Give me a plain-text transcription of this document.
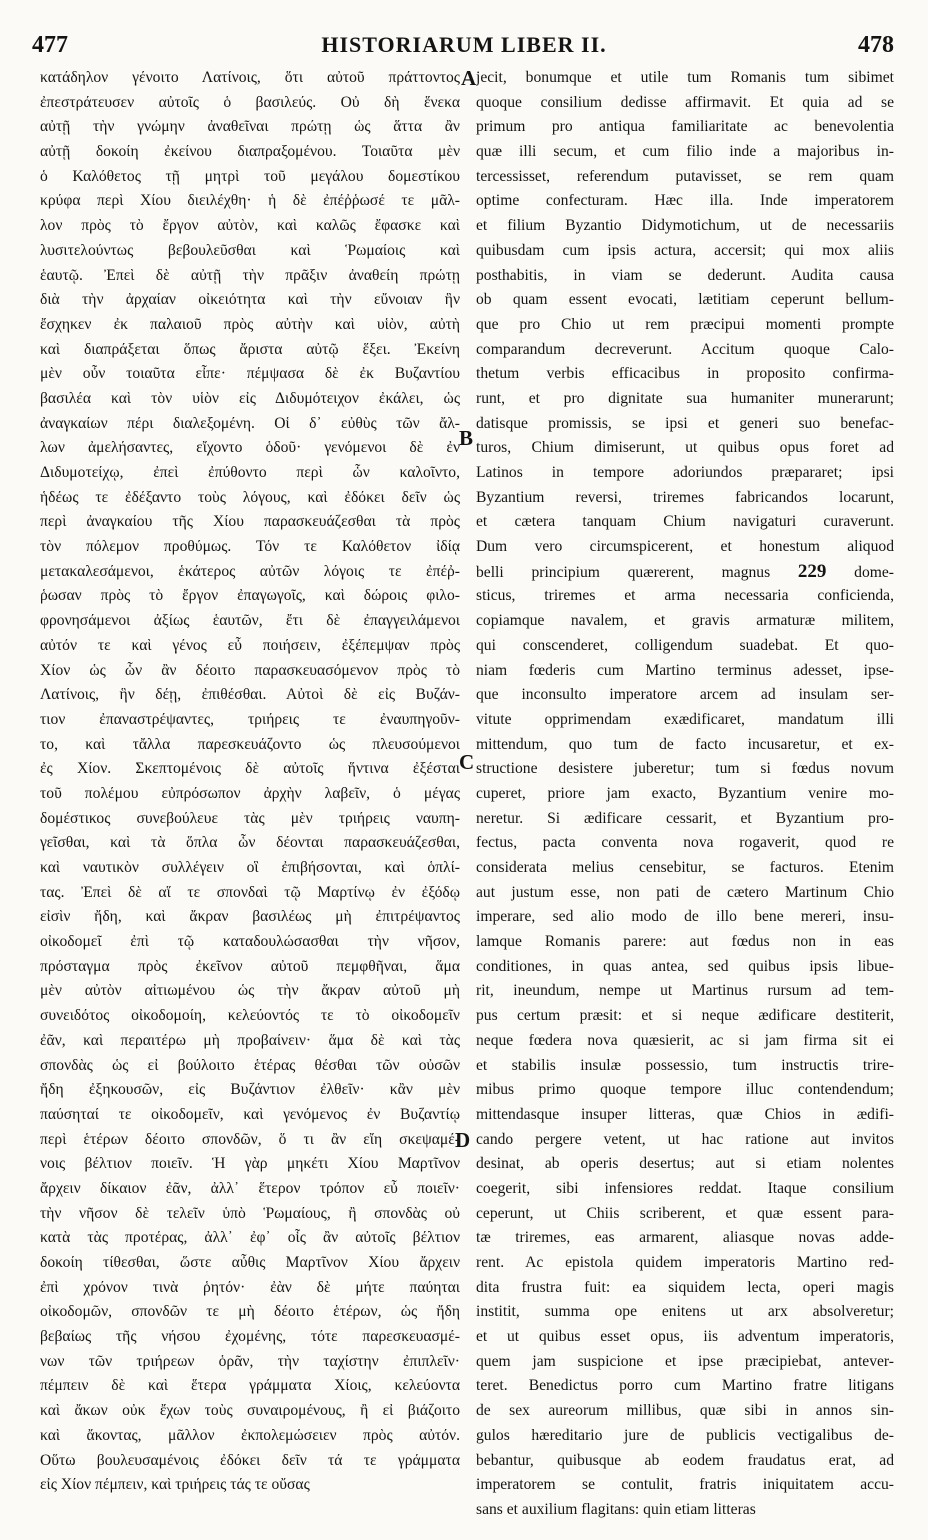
477	HISTORIARUM LIBER II.	478
κατάδηλον γένοιτο Λατίνοις, ὅτι αὐτοῦ πράττοντος
ἐπεστράτευσεν αὐτοῖς ὁ βασιλεύς. Οὐ δὴ ἕνεκα
αὐτῇ τὴν γνώμην ἀναθεῖναι πρώτῃ ὡς ἅττα ἂν
αὐτῇ δοκοίη ἐκείνου διαπραξομένου. Τοιαῦτα μὲν
ὁ Καλόθετος τῇ μητρὶ τοῦ μεγάλου δομεστίκου
κρύφα περὶ Χίου διειλέχθη· ἡ δὲ ἐπέῤῥωσέ τε μᾶλ-
λον πρὸς τὸ ἔργον αὐτὸν, καὶ καλῶς ἔφασκε καὶ
λυσιτελούντως βεβουλεῦσθαι καὶ Ῥωμαίοις καὶ
ἑαυτῷ. Ἐπεὶ δὲ αὐτῇ τὴν πρᾶξιν ἀναθείη πρώτῃ
διὰ τὴν ἀρχαίαν οἰκειότητα καὶ τὴν εὔνοιαν ἣν
ἔσχηκεν ἐκ παλαιοῦ πρὸς αὐτὴν καὶ υἱὸν, αὐτὴ
καὶ διαπράξεται ὅπως ἄριστα αὐτῷ ἕξει. Ἐκείνη
μὲν οὖν τοιαῦτα εἶπε· πέμψασα δὲ ἐκ Βυζαντίου
βασιλέα καὶ τὸν υἱὸν εἰς Διδυμότειχον ἐκάλει, ὡς
ἀναγκαίων πέρι διαλεξομένη. Οἱ δ᾽ εὐθὺς τῶν ἄλ-
λων ἀμελήσαντες, εἴχοντο ὁδοῦ· γενόμενοι δὲ ἐν
Διδυμοτείχῳ, ἐπεὶ ἐπύθοντο περὶ ὧν καλοῖντο,
ἡδέως τε ἐδέξαντο τοὺς λόγους, καὶ ἐδόκει δεῖν ὡς
περὶ ἀναγκαίου τῆς Χίου παρασκευάζεσθαι τὰ πρὸς
τὸν πόλεμον προθύμως. Τόν τε Καλόθετον ἰδίᾳ
μετακαλεσάμενοι, ἑκάτερος αὐτῶν λόγοις τε ἐπέῤ-
ῥωσαν πρὸς τὸ ἔργον ἐπαγωγοῖς, καὶ δώροις φιλο-
φρονησάμενοι ἀξίως ἑαυτῶν, ἔτι δὲ ἐπαγγειλάμενοι
αὐτόν τε καὶ γένος εὖ ποιήσειν, ἐξέπεμψαν πρὸς
Χίον ὡς ὧν ἂν δέοιτο παρασκευασόμενον πρὸς τὸ
Λατίνοις, ἣν δέῃ, ἐπιθέσθαι. Αὐτοὶ δὲ εἰς Βυζάν-
τιον ἐπαναστρέψαντες, τριήρεις τε ἐναυπηγοῦν-
το, καὶ τἄλλα παρεσκευάζοντο ὡς πλευσούμενοι
ἐς Χίον. Σκεπτομένοις δὲ αὐτοῖς ἥντινα ἐξέσται
τοῦ πολέμου εὐπρόσωπον ἀρχὴν λαβεῖν, ὁ μέγας
δομέστικος συνεβούλευε τὰς μὲν τριήρεις ναυπη-
γεῖσθαι, καὶ τὰ ὅπλα ὧν δέονται παρασκευάζεσθαι,
καὶ ναυτικὸν συλλέγειν οἳ ἐπιβήσονται, καὶ ὁπλί-
τας. Ἐπεὶ δὲ αἵ τε σπονδαὶ τῷ Μαρτίνῳ ἐν ἐξόδῳ
εἰσὶν ἤδη, καὶ ἄκραν βασιλέως μὴ ἐπιτρέψαντος
οἰκοδομεῖ ἐπὶ τῷ καταδουλώσασθαι τὴν νῆσον,
πρόσταγμα πρὸς ἐκεῖνον αὐτοῦ πεμφθῆναι, ἅμα
μὲν αὐτὸν αἰτιωμένου ὡς τὴν ἄκραν αὐτοῦ μὴ
συνειδότος οἰκοδομοίη, κελεύοντός τε τὸ οἰκοδομεῖν
ἐᾶν, καὶ περαιτέρω μὴ προβαίνειν· ἅμα δὲ καὶ τὰς
σπονδὰς ὡς εἰ βούλοιτο ἑτέρας θέσθαι τῶν οὐσῶν
ἤδη ἐξηκουσῶν, εἰς Βυζάντιον ἐλθεῖν· κἂν μὲν
παύσηταί τε οἰκοδομεῖν, καὶ γενόμενος ἐν Βυζαντίῳ
περὶ ἑτέρων δέοιτο σπονδῶν, ὅ τι ἂν εἴη σκεψαμέ-
νοις βέλτιον ποιεῖν. Ἡ γὰρ μηκέτι Χίου Μαρτῖνον
ἄρχειν δίκαιον ἐᾶν, ἀλλ᾽ ἕτερον τρόπον εὖ ποιεῖν·
τὴν νῆσον δὲ τελεῖν ὑπὸ Ῥωμαίους, ἢ σπονδὰς οὐ
κατὰ τὰς προτέρας, ἀλλ᾽ ἐφ᾽ οἷς ἂν αὐτοῖς βέλτιον
δοκοίη τίθεσθαι, ὥστε αὖθις Μαρτῖνον Χίου ἄρχειν
ἐπὶ χρόνον τινὰ ῥητόν· ἐὰν δὲ μήτε παύηται
οἰκοδομῶν, σπονδῶν τε μὴ δέοιτο ἑτέρων, ὡς ἤδη
βεβαίως τῆς νήσου ἐχομένης, τότε παρεσκευασμέ-
νων τῶν τριήρεων ὁρᾶν, τὴν ταχίστην ἐπιπλεῖν·
πέμπειν δὲ καὶ ἕτερα γράμματα Χίοις, κελεύοντα
καὶ ἄκων οὐκ ἔχων τοὺς συναιρομένους, ἢ εἰ βιάζοιτο
καὶ ἄκοντας, μᾶλλον ἐκπολεμώσειεν πρὸς αὐτόν.
Οὕτω βουλευσαμένοις ἐδόκει δεῖν τά τε γράμματα
εἰς Χίον πέμπειν, καὶ τριήρεις τάς τε οὔσας
A
B
C
D
jecit, bonumque et utile tum Romanis tum sibimet
quoque consilium dedisse affirmavit. Et quia ad se
primum pro antiqua familiaritate ac benevolentia
quæ illi secum, et cum filio inde a majoribus in-
tercessisset, referendum putavisset, se rem quam
optime confecturam. Hæc illa. Inde imperatorem
et filium Byzantio Didymotichum, ut de necessariis
quibusdam cum ipsis actura, accersit; qui mox aliis
posthabitis, in viam se dederunt. Audita causa
ob quam essent evocati, lætitiam ceperunt bellum-
que pro Chio ut rem præcipui momenti prompte
comparandum decreverunt. Accitum quoque Calo-
thetum verbis efficacibus in proposito confirma-
runt, et pro dignitate sua humaniter munerarunt;
datisque promissis, se ipsi et generi suo benefac-
turos, Chium dimiserunt, ut quibus opus foret ad
Latinos in tempore adoriundos præpararet; ipsi
Byzantium reversi, triremes fabricandos locarunt,
et cætera tanquam Chium navigaturi curaverunt.
Dum vero circumspicerent, et honestum aliquod
belli principium quærerent, magnus 229 dome-
sticus, triremes et arma necessaria conficienda,
copiamque navalem, et gravis armaturæ militem,
qui conscenderet, colligendum suadebat. Et quo-
niam fœderis cum Martino terminus adesset, ipse-
que inconsulto imperatore arcem ad insulam ser-
vitute opprimendam exædificaret, mandatum illi
mittendum, quo tum de facto incusaretur, et ex-
structione desistere juberetur; tum si fœdus novum
cuperet, priore jam exacto, Byzantium venire mo-
neretur. Si ædificare cessarit, et Byzantium pro-
fectus, pacta conventa nova rogaverit, quod re
considerata melius censebitur, se facturos. Etenim
aut justum esse, non pati de cætero Martinum Chio
imperare, sed alio modo de illo bene mereri, insu-
lamque Romanis parere: aut fœdus non in eas
conditiones, in quas antea, sed quibus ipsis libue-
rit, ineundum, nempe ut Martinus rursum ad tem-
pus certum præsit: et si neque ædificare destiterit,
neque fœdera nova quæsierit, ac si jam firma sit ei
et stabilis insulæ possessio, tum instructis trire-
mibus primo quoque tempore illuc contendendum;
mittendasque insuper litteras, quæ Chios in ædifi-
cando pergere vetent, ut hac ratione aut invitos
desinat, ab operis desertus; aut si etiam nolentes
coegerit, sibi infensiores reddat. Itaque consilium
ceperunt, ut Chiis scriberent, et quæ essent para-
tæ triremes, eas armarent, aliasque novas adde-
rent. Ac epistola quidem imperatoris Martino red-
dita frustra fuit: ea siquidem lecta, operi magis
institit, summa ope enitens ut arx absolveretur;
et ut quibus esset opus, iis adventum imperatoris,
quem jam suspicione et ipse præcipiebat, antever-
teret. Benedictus porro cum Martino fratre litigans
de sex aureorum millibus, quæ sibi in annos sin-
gulos hæreditario jure de publicis vectigalibus de-
bebantur, quibusque ab eodem fraudatus erat, ad
imperatorem se contulit, fratris iniquitatem accu-
sans et auxilium flagitans: quin etiam litteras
